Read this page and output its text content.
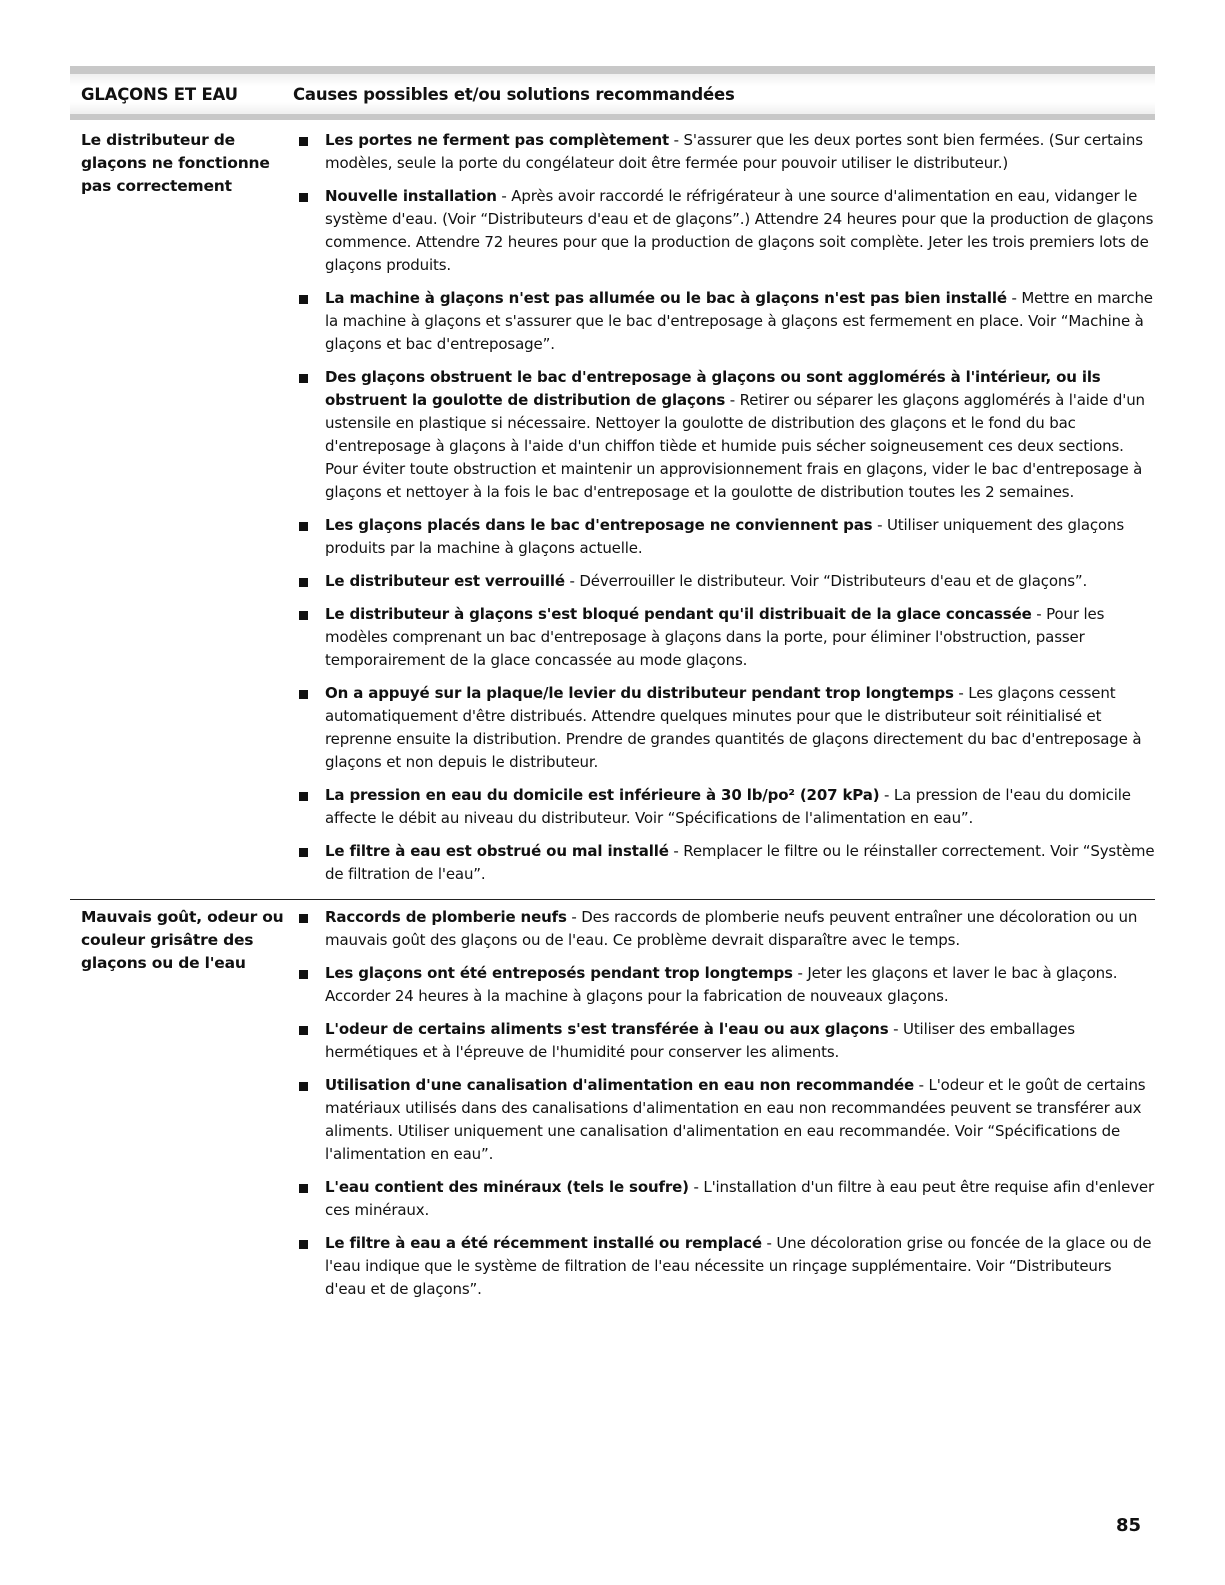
GLAÇONS ET EAU	Causes possibles et/ou solutions recommandées
Le distributeur de glaçons ne fonctionne pas correctement
Les portes ne ferment pas complètement - S'assurer que les deux portes sont bien fermées. (Sur certains modèles, seule la porte du congélateur doit être fermée pour pouvoir utiliser le distributeur.)
Nouvelle installation - Après avoir raccordé le réfrigérateur à une source d'alimentation en eau, vidanger le système d'eau. (Voir “Distributeurs d'eau et de glaçons”.) Attendre 24 heures pour que la production de glaçons commence. Attendre 72 heures pour que la production de glaçons soit complète. Jeter les trois premiers lots de glaçons produits.
La machine à glaçons n'est pas allumée ou le bac à glaçons n'est pas bien installé - Mettre en marche la machine à glaçons et s'assurer que le bac d'entreposage à glaçons est fermement en place. Voir “Machine à glaçons et bac d'entreposage”.
Des glaçons obstruent le bac d'entreposage à glaçons ou sont agglomérés à l'intérieur, ou ils obstruent la goulotte de distribution de glaçons - Retirer ou séparer les glaçons agglomérés à l'aide d'un ustensile en plastique si nécessaire. Nettoyer la goulotte de distribution des glaçons et le fond du bac d'entreposage à glaçons à l'aide d'un chiffon tiède et humide puis sécher soigneusement ces deux sections. Pour éviter toute obstruction et maintenir un approvisionnement frais en glaçons, vider le bac d'entreposage à glaçons et nettoyer à la fois le bac d'entreposage et la goulotte de distribution toutes les 2 semaines.
Les glaçons placés dans le bac d'entreposage ne conviennent pas - Utiliser uniquement des glaçons produits par la machine à glaçons actuelle.
Le distributeur est verrouillé - Déverrouiller le distributeur. Voir “Distributeurs d'eau et de glaçons”.
Le distributeur à glaçons s'est bloqué pendant qu'il distribuait de la glace concassée - Pour les modèles comprenant un bac d'entreposage à glaçons dans la porte, pour éliminer l'obstruction, passer temporairement de la glace concassée au mode glaçons.
On a appuyé sur la plaque/le levier du distributeur pendant trop longtemps - Les glaçons cessent automatiquement d'être distribués. Attendre quelques minutes pour que le distributeur soit réinitialisé et reprenne ensuite la distribution. Prendre de grandes quantités de glaçons directement du bac d'entreposage à glaçons et non depuis le distributeur.
La pression en eau du domicile est inférieure à 30 lb/po² (207 kPa) - La pression de l'eau du domicile affecte le débit au niveau du distributeur. Voir “Spécifications de l'alimentation en eau”.
Le filtre à eau est obstrué ou mal installé - Remplacer le filtre ou le réinstaller correctement. Voir “Système de filtration de l'eau”.
Mauvais goût, odeur ou couleur grisâtre des glaçons ou de l'eau
Raccords de plomberie neufs - Des raccords de plomberie neufs peuvent entraîner une décoloration ou un mauvais goût des glaçons ou de l'eau. Ce problème devrait disparaître avec le temps.
Les glaçons ont été entreposés pendant trop longtemps - Jeter les glaçons et laver le bac à glaçons. Accorder 24 heures à la machine à glaçons pour la fabrication de nouveaux glaçons.
L'odeur de certains aliments s'est transférée à l'eau ou aux glaçons - Utiliser des emballages hermétiques et à l'épreuve de l'humidité pour conserver les aliments.
Utilisation d'une canalisation d'alimentation en eau non recommandée - L'odeur et le goût de certains matériaux utilisés dans des canalisations d'alimentation en eau non recommandées peuvent se transférer aux aliments. Utiliser uniquement une canalisation d'alimentation en eau recommandée. Voir “Spécifications de l'alimentation en eau”.
L'eau contient des minéraux (tels le soufre) - L'installation d'un filtre à eau peut être requise afin d'enlever ces minéraux.
Le filtre à eau a été récemment installé ou remplacé - Une décoloration grise ou foncée de la glace ou de l'eau indique que le système de filtration de l'eau nécessite un rinçage supplémentaire. Voir “Distributeurs d'eau et de glaçons”.
85
